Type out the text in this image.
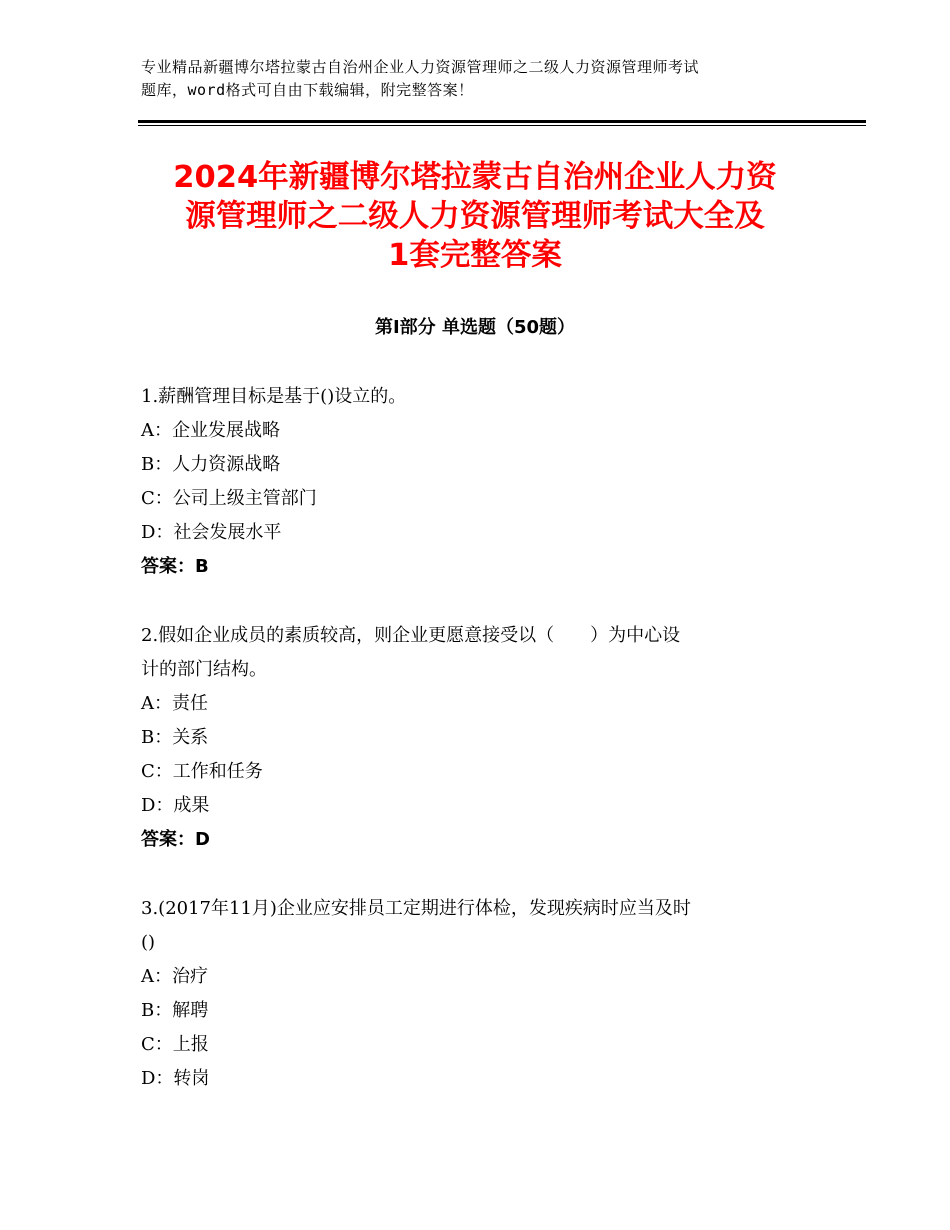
专业精品新疆博尔塔拉蒙古自治州企业人力资源管理师之二级人力资源管理师考试
题库，word格式可自由下载编辑，附完整答案！
2024年新疆博尔塔拉蒙古自治州企业人力资
源管理师之二级人力资源管理师考试大全及
1套完整答案
第Ⅰ部分 单选题（50题）
1.薪酬管理目标是基于()设立的。
A：企业发展战略
B：人力资源战略
C：公司上级主管部门
D：社会发展水平
答案：B
2.假如企业成员的素质较高，则企业更愿意接受以（　　）为中心设
计的部门结构。
A：责任
B：关系
C：工作和任务
D：成果
答案：D
3.(2017年11月)企业应安排员工定期进行体检，发现疾病时应当及时
()
A：治疗
B：解聘
C：上报
D：转岗
